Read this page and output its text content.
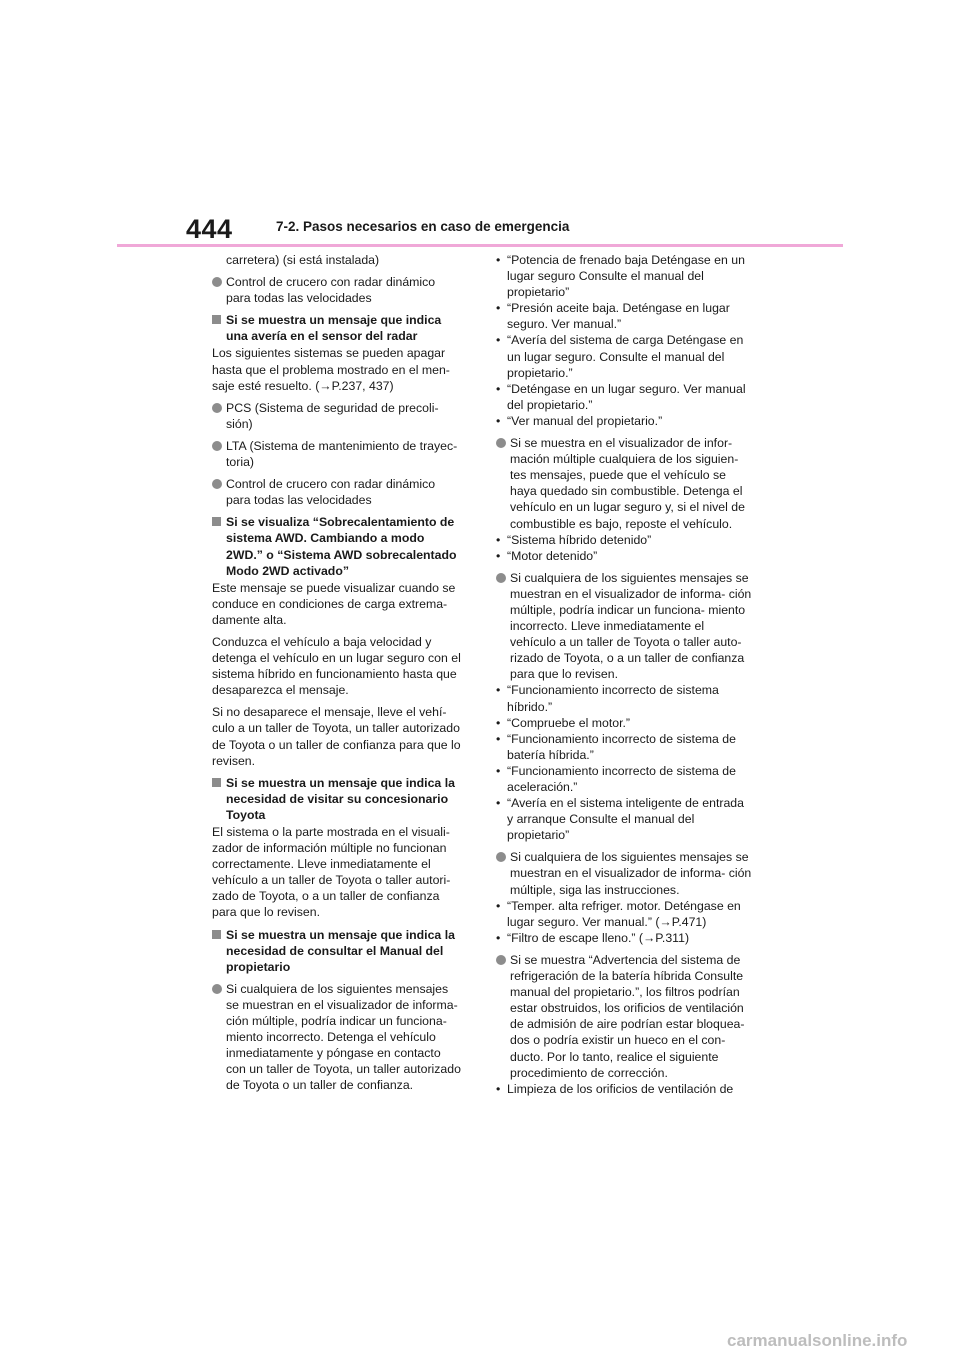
444	7-2. Pasos necesarios en caso de emergencia
carretera) (si está instalada)
Control de crucero con radar dinámico para todas las velocidades
Si se muestra un mensaje que indica una avería en el sensor del radar
Los siguientes sistemas se pueden apagar hasta que el problema mostrado en el men- saje esté resuelto. (→P.237, 437)
PCS (Sistema de seguridad de precoli- sión)
LTA (Sistema de mantenimiento de trayec- toria)
Control de crucero con radar dinámico para todas las velocidades
Si se visualiza “Sobrecalentamiento de sistema AWD. Cambiando a modo 2WD.” o “Sistema AWD sobrecalentado Modo 2WD activado”
Este mensaje se puede visualizar cuando se conduce en condiciones de carga extrema- damente alta.
Conduzca el vehículo a baja velocidad y detenga el vehículo en un lugar seguro con el sistema híbrido en funcionamiento hasta que desaparezca el mensaje.
Si no desaparece el mensaje, lleve el vehí- culo a un taller de Toyota, un taller autorizado de Toyota o un taller de confianza para que lo revisen.
Si se muestra un mensaje que indica la necesidad de visitar su concesionario Toyota
El sistema o la parte mostrada en el visuali- zador de información múltiple no funcionan correctamente. Lleve inmediatamente el vehículo a un taller de Toyota o taller autori- zado de Toyota, o a un taller de confianza para que lo revisen.
Si se muestra un mensaje que indica la necesidad de consultar el Manual del propietario
Si cualquiera de los siguientes mensajes se muestran en el visualizador de informa- ción múltiple, podría indicar un funciona- miento incorrecto. Detenga el vehículo inmediatamente y póngase en contacto con un taller de Toyota, un taller autorizado de Toyota o un taller de confianza.
• “Potencia de frenado baja Deténgase en un lugar seguro Consulte el manual del propietario”
• “Presión aceite baja. Deténgase en lugar seguro. Ver manual.”
• “Avería del sistema de carga Deténgase en un lugar seguro. Consulte el manual del propietario.”
• “Deténgase en un lugar seguro. Ver manual del propietario.”
• “Ver manual del propietario.”
Si se muestra en el visualizador de infor- mación múltiple cualquiera de los siguien- tes mensajes, puede que el vehículo se haya quedado sin combustible. Detenga el vehículo en un lugar seguro y, si el nivel de combustible es bajo, reposte el vehículo.
• “Sistema híbrido detenido”
• “Motor detenido”
Si cualquiera de los siguientes mensajes se muestran en el visualizador de informa- ción múltiple, podría indicar un funciona- miento incorrecto. Lleve inmediatamente el vehículo a un taller de Toyota o taller auto- rizado de Toyota, o a un taller de confianza para que lo revisen.
• “Funcionamiento incorrecto de sistema híbrido.”
• “Compruebe el motor.”
• “Funcionamiento incorrecto de sistema de batería híbrida.”
• “Funcionamiento incorrecto de sistema de aceleración.”
• “Avería en el sistema inteligente de entrada y arranque Consulte el manual del propietario”
Si cualquiera de los siguientes mensajes se muestran en el visualizador de informa- ción múltiple, siga las instrucciones.
• “Temper. alta refriger. motor. Deténgase en lugar seguro. Ver manual.” (→P.471)
• “Filtro de escape lleno.” (→P.311)
Si se muestra “Advertencia del sistema de refrigeración de la batería híbrida Consulte manual del propietario.”, los filtros podrían estar obstruidos, los orificios de ventilación de admisión de aire podrían estar bloquea- dos o podría existir un hueco en el con- ducto. Por lo tanto, realice el siguiente procedimiento de corrección.
• Limpieza de los orificios de ventilación de
carmanualsonline.info
